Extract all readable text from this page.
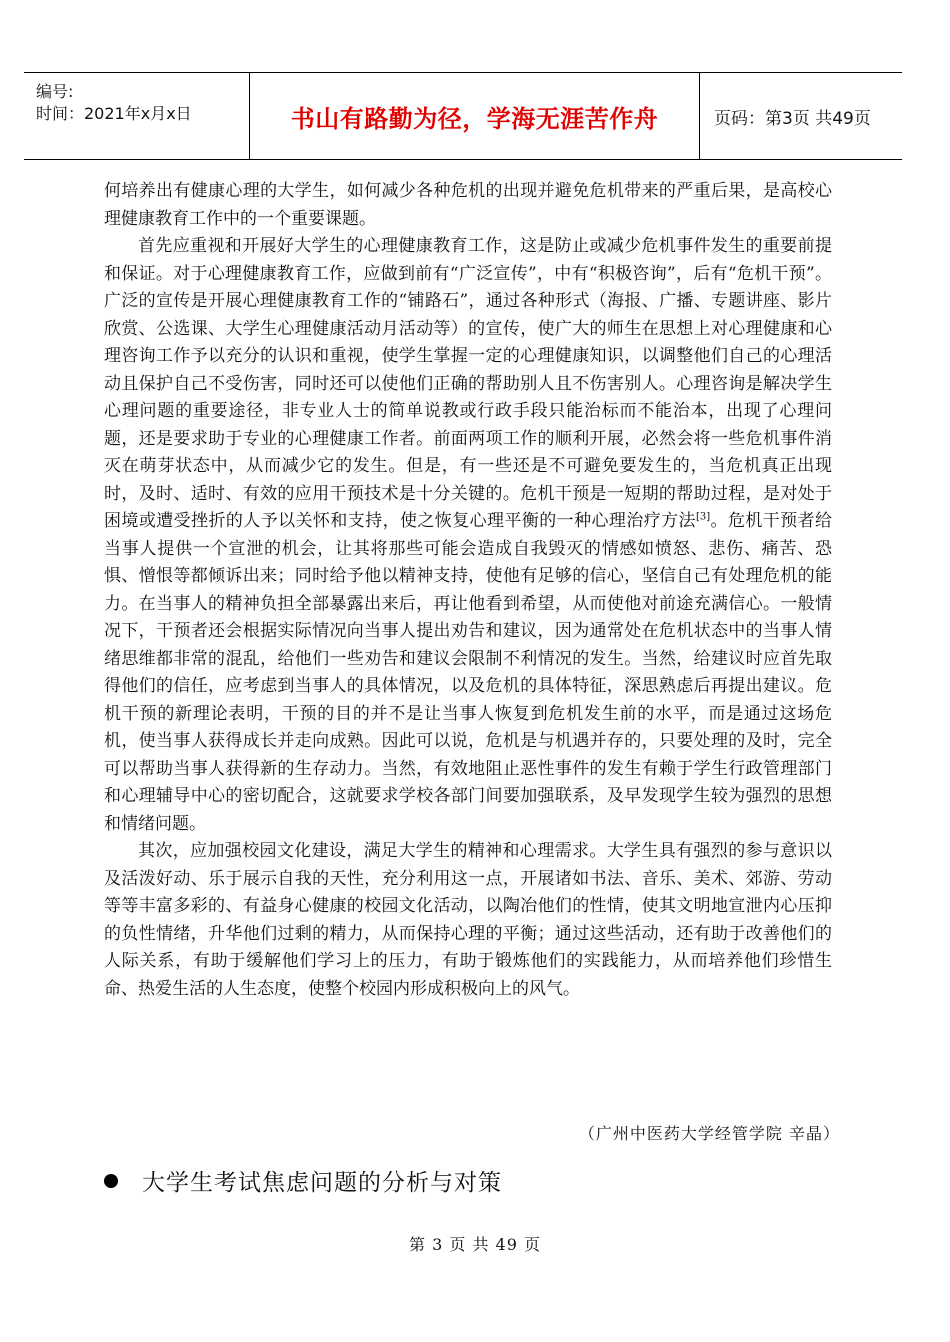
编号:
时间：2021年x月x日	书山有路勤为径，学海无涯苦作舟	页码：第3页 共49页

何培养出有健康心理的大学生，如何减少各种危机的出现并避免危机带来的严重后果，是高校心理健康教育工作中的一个重要课题。

首先应重视和开展好大学生的心理健康教育工作，这是防止或减少危机事件发生的重要前提和保证。对于心理健康教育工作，应做到前有“广泛宣传”，中有“积极咨询”，后有“危机干预”。广泛的宣传是开展心理健康教育工作的“铺路石”，通过各种形式（海报、广播、专题讲座、影片欣赏、公选课、大学生心理健康活动月活动等）的宣传，使广大的师生在思想上对心理健康和心理咨询工作予以充分的认识和重视，使学生掌握一定的心理健康知识，以调整他们自己的心理活动且保护自己不受伤害，同时还可以使他们正确的帮助别人且不伤害别人。心理咨询是解决学生心理问题的重要途径，非专业人士的简单说教或行政手段只能治标而不能治本，出现了心理问题，还是要求助于专业的心理健康工作者。前面两项工作的顺利开展，必然会将一些危机事件消灭在萌芽状态中，从而减少它的发生。但是，有一些还是不可避免要发生的，当危机真正出现时，及时、适时、有效的应用干预技术是十分关键的。危机干预是一短期的帮助过程，是对处于困境或遭受挫折的人予以关怀和支持，使之恢复心理平衡的一种心理治疗方法[3]。危机干预者给当事人提供一个宣泄的机会，让其将那些可能会造成自我毁灭的情感如愤怒、悲伤、痛苦、恐惧、憎恨等都倾诉出来；同时给予他以精神支持，使他有足够的信心，坚信自己有处理危机的能力。在当事人的精神负担全部暴露出来后，再让他看到希望，从而使他对前途充满信心。一般情况下，干预者还会根据实际情况向当事人提出劝告和建议，因为通常处在危机状态中的当事人情绪思维都非常的混乱，给他们一些劝告和建议会限制不利情况的发生。当然，给建议时应首先取得他们的信任，应考虑到当事人的具体情况，以及危机的具体特征，深思熟虑后再提出建议。危机干预的新理论表明，干预的目的并不是让当事人恢复到危机发生前的水平，而是通过这场危机，使当事人获得成长并走向成熟。因此可以说，危机是与机遇并存的，只要处理的及时，完全可以帮助当事人获得新的生存动力。当然，有效地阻止恶性事件的发生有赖于学生行政管理部门和心理辅导中心的密切配合，这就要求学校各部门间要加强联系，及早发现学生较为强烈的思想和情绪问题。

其次，应加强校园文化建设，满足大学生的精神和心理需求。大学生具有强烈的参与意识以及活泼好动、乐于展示自我的天性，充分利用这一点，开展诸如书法、音乐、美术、郊游、劳动等等丰富多彩的、有益身心健康的校园文化活动，以陶冶他们的性情，使其文明地宣泄内心压抑的负性情绪，升华他们过剩的精力，从而保持心理的平衡；通过这些活动，还有助于改善他们的人际关系，有助于缓解他们学习上的压力，有助于锻炼他们的实践能力，从而培养他们珍惜生命、热爱生活的人生态度，使整个校园内形成积极向上的风气。

（广州中医药大学经管学院 辛晶）
大学生考试焦虑问题的分析与对策
第 3 页 共 49 页
